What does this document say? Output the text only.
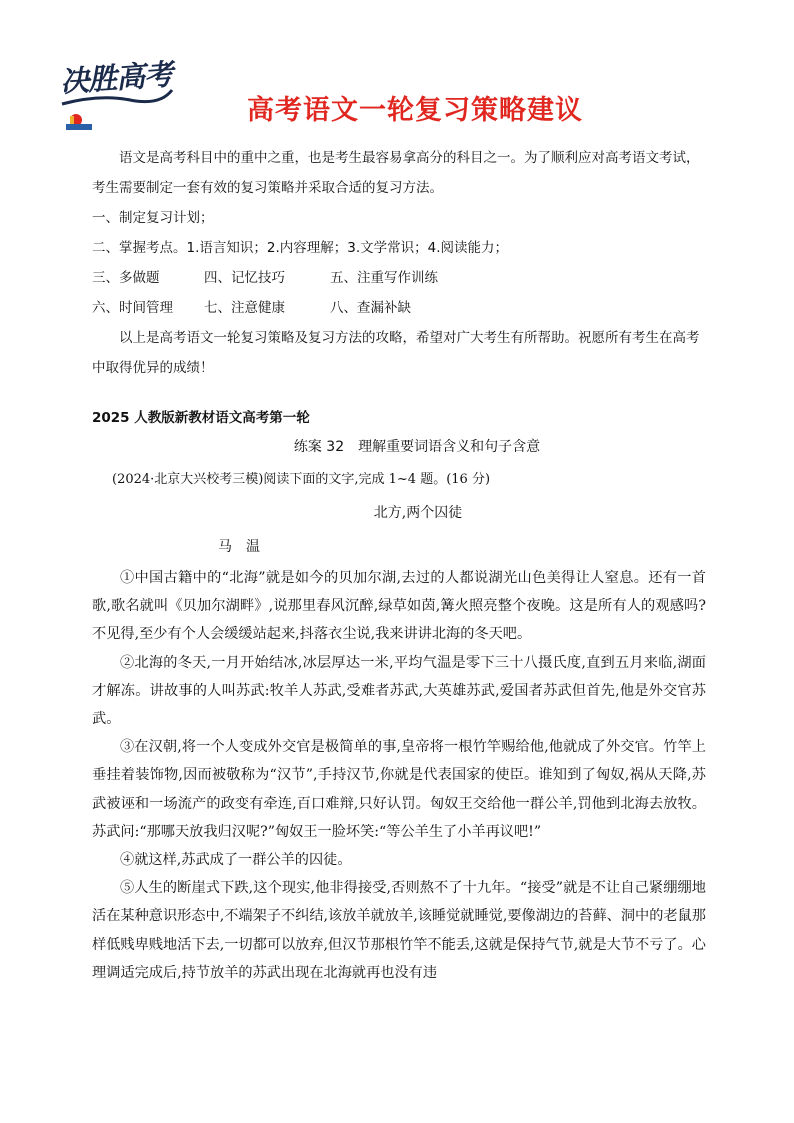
决胜高考
高考语文一轮复习策略建议

语文是高考科目中的重中之重，也是考生最容易拿高分的科目之一。为了顺利应对高考语文考试，考生需要制定一套有效的复习策略并采取合适的复习方法。

一、制定复习计划；

二、掌握考点。1.语言知识；2.内容理解；3.文学常识；4.阅读能力；

三、多做题	四、记忆技巧	五、注重写作训练
六、时间管理	七、注意健康	八、查漏补缺

以上是高考语文一轮复习策略及复习方法的攻略，希望对广大考生有所帮助。祝愿所有考生在高考中取得优异的成绩！

2025 人教版新教材语文高考第一轮
练案 32　理解重要词语含义和句子含意
(2024·北京大兴校考三模)阅读下面的文字,完成 1~4 题。(16 分)
北方,两个囚徒
马温

①中国古籍中的“北海”就是如今的贝加尔湖,去过的人都说湖光山色美得让人窒息。还有一首歌,歌名就叫《贝加尔湖畔》,说那里春风沉醉,绿草如茵,篝火照亮整个夜晚。这是所有人的观感吗?不见得,至少有个人会缓缓站起来,抖落衣尘说,我来讲讲北海的冬天吧。

②北海的冬天,一月开始结冰,冰层厚达一米,平均气温是零下三十八摄氏度,直到五月来临,湖面才解冻。讲故事的人叫苏武:牧羊人苏武,受难者苏武,大英雄苏武,爱国者苏武但首先,他是外交官苏武。

③在汉朝,将一个人变成外交官是极简单的事,皇帝将一根竹竿赐给他,他就成了外交官。竹竿上垂挂着装饰物,因而被敬称为“汉节”,手持汉节,你就是代表国家的使臣。谁知到了匈奴,祸从天降,苏武被诬和一场流产的政变有牵连,百口难辩,只好认罚。匈奴王交给他一群公羊,罚他到北海去放牧。苏武问:“那哪天放我归汉呢?”匈奴王一脸坏笑:“等公羊生了小羊再议吧!”

④就这样,苏武成了一群公羊的囚徒。

⑤人生的断崖式下跌,这个现实,他非得接受,否则熬不了十九年。“接受”就是不让自己紧绷绷地活在某种意识形态中,不端架子不纠结,该放羊就放羊,该睡觉就睡觉,要像湖边的苔藓、洞中的老鼠那样低贱卑贱地活下去,一切都可以放弃,但汉节那根竹竿不能丢,这就是保持气节,就是大节不亏了。心理调适完成后,持节放羊的苏武出现在北海就再也没有违
